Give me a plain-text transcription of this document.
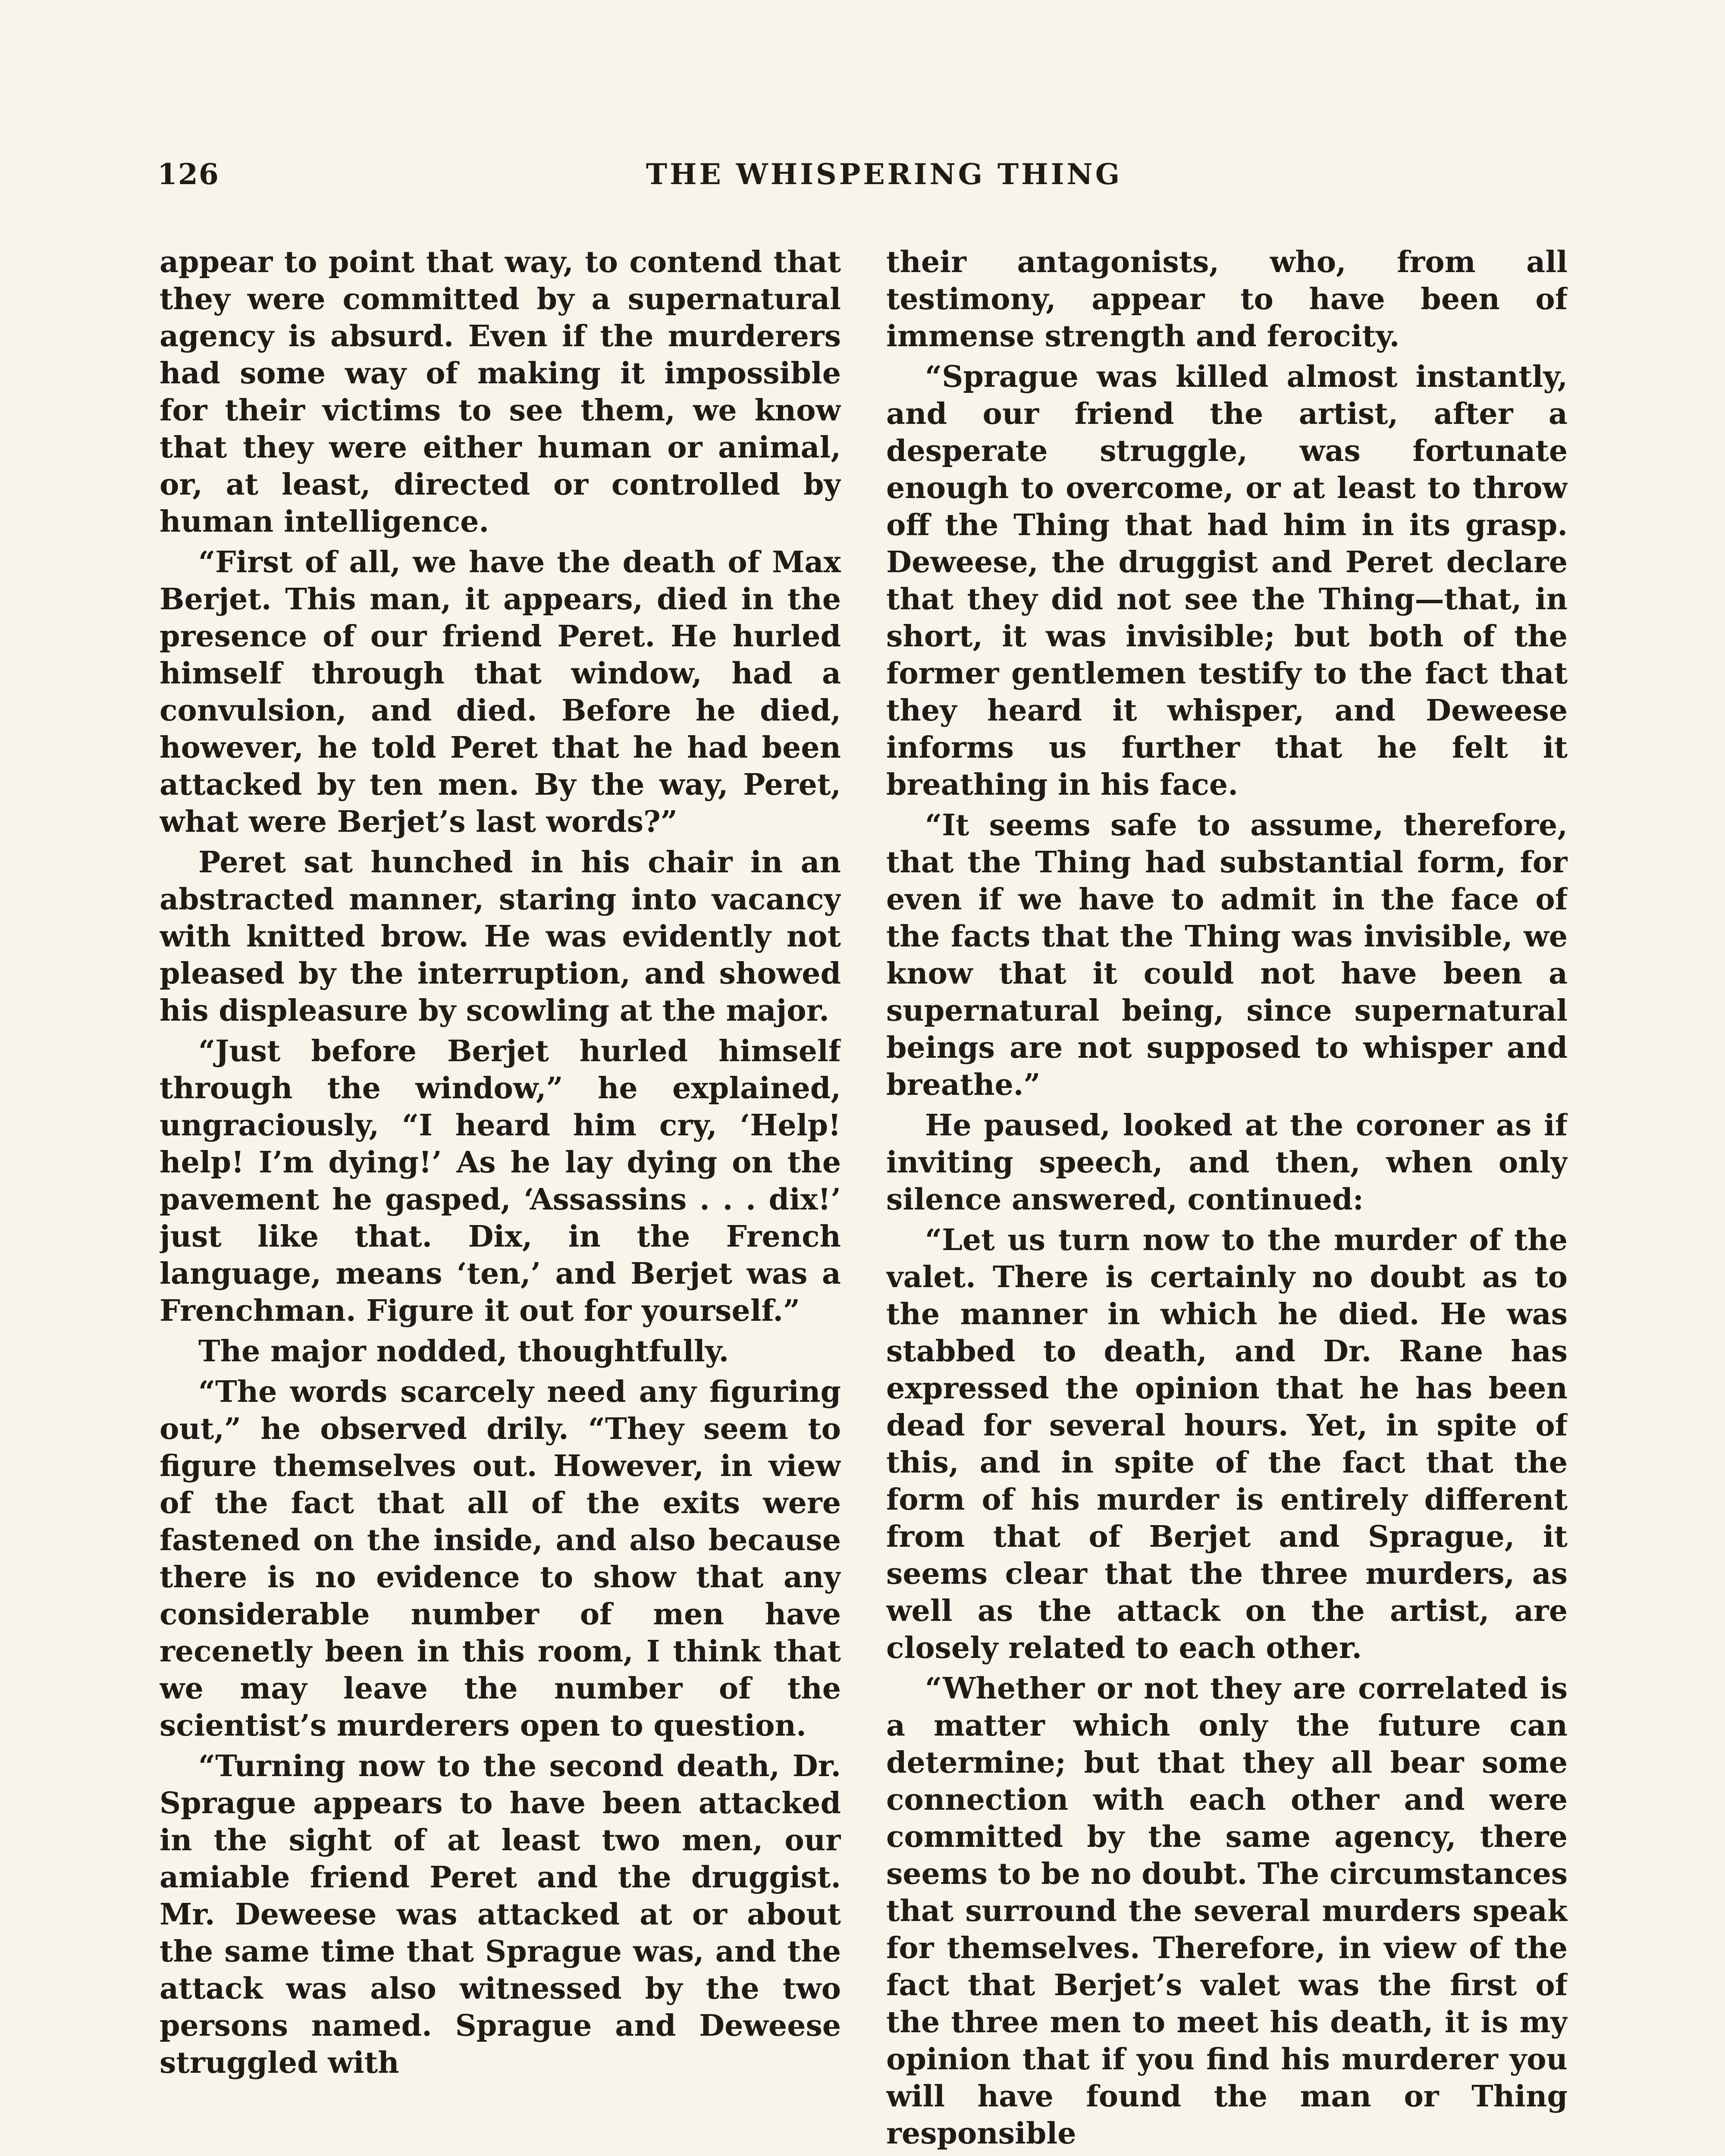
126	THE WHISPERING THING

appear to point that way, to contend that they were committed by a supernatural agency is absurd. Even if the murderers had some way of making it impossible for their victims to see them, we know that they were either human or animal, or, at least, directed or controlled by human intelligence.

“First of all, we have the death of Max Berjet. This man, it appears, died in the presence of our friend Peret. He hurled himself through that window, had a convulsion, and died. Before he died, however, he told Peret that he had been attacked by ten men. By the way, Peret, what were Berjet’s last words?”

Peret sat hunched in his chair in an abstracted manner, staring into vacancy with knitted brow. He was evidently not pleased by the interruption, and showed his displeasure by scowling at the major.

“Just before Berjet hurled himself through the window,” he explained, ungraciously, “I heard him cry, ‘Help! help! I’m dying!’ As he lay dying on the pavement he gasped, ‘Assassins . . . dix!’ just like that. Dix, in the French language, means ‘ten,’ and Berjet was a Frenchman. Figure it out for yourself.”

The major nodded, thoughtfully.

“The words scarcely need any figuring out,” he observed drily. “They seem to figure themselves out. However, in view of the fact that all of the exits were fastened on the inside, and also because there is no evidence to show that any considerable number of men have recenetly been in this room, I think that we may leave the number of the scientist’s murderers open to question.

“Turning now to the second death, Dr. Sprague appears to have been attacked in the sight of at least two men, our amiable friend Peret and the druggist. Mr. Deweese was attacked at or about the same time that Sprague was, and the attack was also witnessed by the two persons named. Sprague and Deweese struggled with

their antagonists, who, from all testimony, appear to have been of immense strength and ferocity.

“Sprague was killed almost instantly, and our friend the artist, after a desperate struggle, was fortunate enough to overcome, or at least to throw off the Thing that had him in its grasp. Deweese, the druggist and Peret declare that they did not see the Thing—that, in short, it was invisible; but both of the former gentlemen testify to the fact that they heard it whisper, and Deweese informs us further that he felt it breathing in his face.

“It seems safe to assume, therefore, that the Thing had substantial form, for even if we have to admit in the face of the facts that the Thing was invisible, we know that it could not have been a supernatural being, since supernatural beings are not supposed to whisper and breathe.”

He paused, looked at the coroner as if inviting speech, and then, when only silence answered, continued:

“Let us turn now to the murder of the valet. There is certainly no doubt as to the manner in which he died. He was stabbed to death, and Dr. Rane has expressed the opinion that he has been dead for several hours. Yet, in spite of this, and in spite of the fact that the form of his murder is entirely different from that of Berjet and Sprague, it seems clear that the three murders, as well as the attack on the artist, are closely related to each other.

“Whether or not they are correlated is a matter which only the future can determine; but that they all bear some connection with each other and were committed by the same agency, there seems to be no doubt. The circumstances that surround the several murders speak for themselves. Therefore, in view of the fact that Berjet’s valet was the first of the three men to meet his death, it is my opinion that if you find his murderer you will have found the man or Thing responsible
